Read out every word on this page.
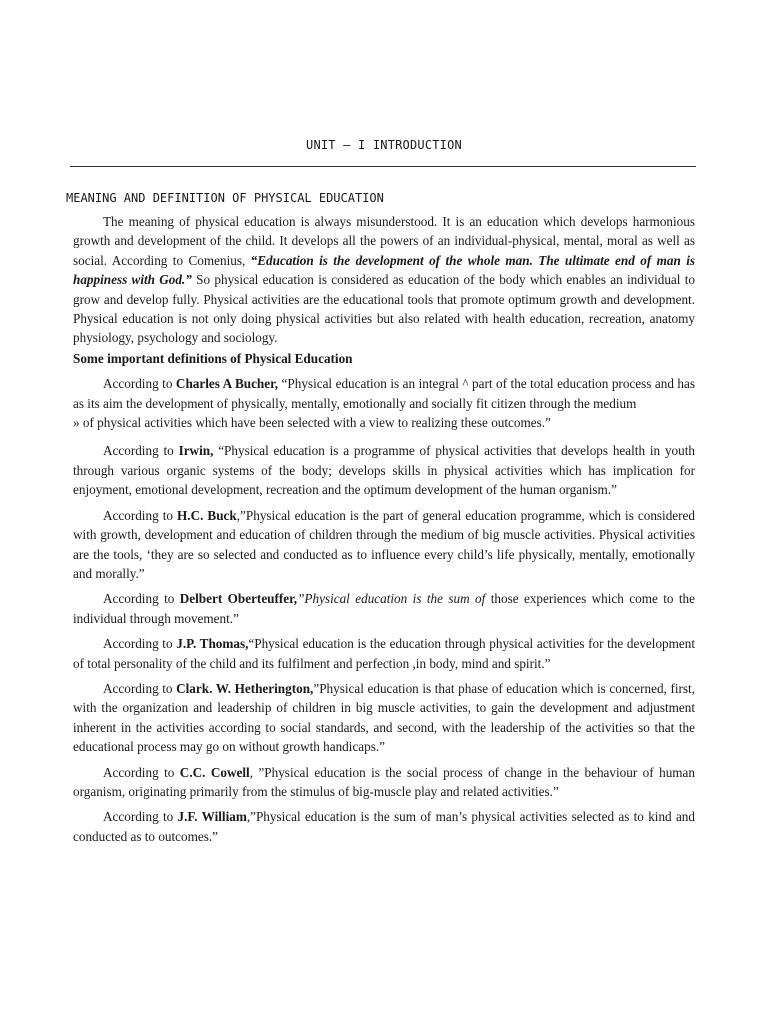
UNIT – I INTRODUCTION
MEANING AND DEFINITION OF PHYSICAL EDUCATION

The meaning of physical education is always misunderstood. It is an education which develops harmonious growth and development of the child. It develops all the powers of an individual-physical, mental, moral as well as social. According to Comenius, “Education is the development of the whole man. The ultimate end of man is happiness with God.” So physical education is considered as education of the body which enables an individual to grow and develop fully. Physical activities are the educational tools that promote optimum growth and development. Physical education is not only doing physical activities but also related with health education, recreation, anatomy physiology, psychology and sociology.

Some important definitions of Physical Education

According to Charles A Bucher, “Physical education is an integral ^ part of the total education process and has as its aim the development of physically, mentally, emotionally and socially fit citizen through the medium

» of physical activities which have been selected with a view to realizing these outcomes.”

According to Irwin, “Physical education is a programme of physical activities that develops health in youth through various organic systems of the body; develops skills in physical activities which has implication for enjoyment, emotional development, recreation and the optimum development of the human organism.”

According to H.C. Buck,”Physical education is the part of general education programme, which is considered with growth, development and education of children through the medium of big muscle activities. Physical activities are the tools, ‘they are so selected and conducted as to influence every child’s life physically, mentally, emotionally and morally.”

According to Delbert Oberteuffer,”Physical education is the sum of those experiences which come to the individual through movement.”

According to J.P. Thomas,“Physical education is the education through physical activities for the development of total personality of the child and its fulfilment and perfection ,in body, mind and spirit.”

According to Clark. W. Hetherington,”Physical education is that phase of education which is concerned, first, with the organization and leadership of children in big muscle activities, to gain the development and adjustment inherent in the activities according to social standards, and second, with the leadership of the activities so that the educational process may go on without growth handicaps.”

According to C.C. Cowell, ”Physical education is the social process of change in the behaviour of human organism, originating primarily from the stimulus of big-muscle play and related activities.”

According to J.F. William,”Physical education is the sum of man’s physical activities selected as to kind and conducted as to outcomes.”
